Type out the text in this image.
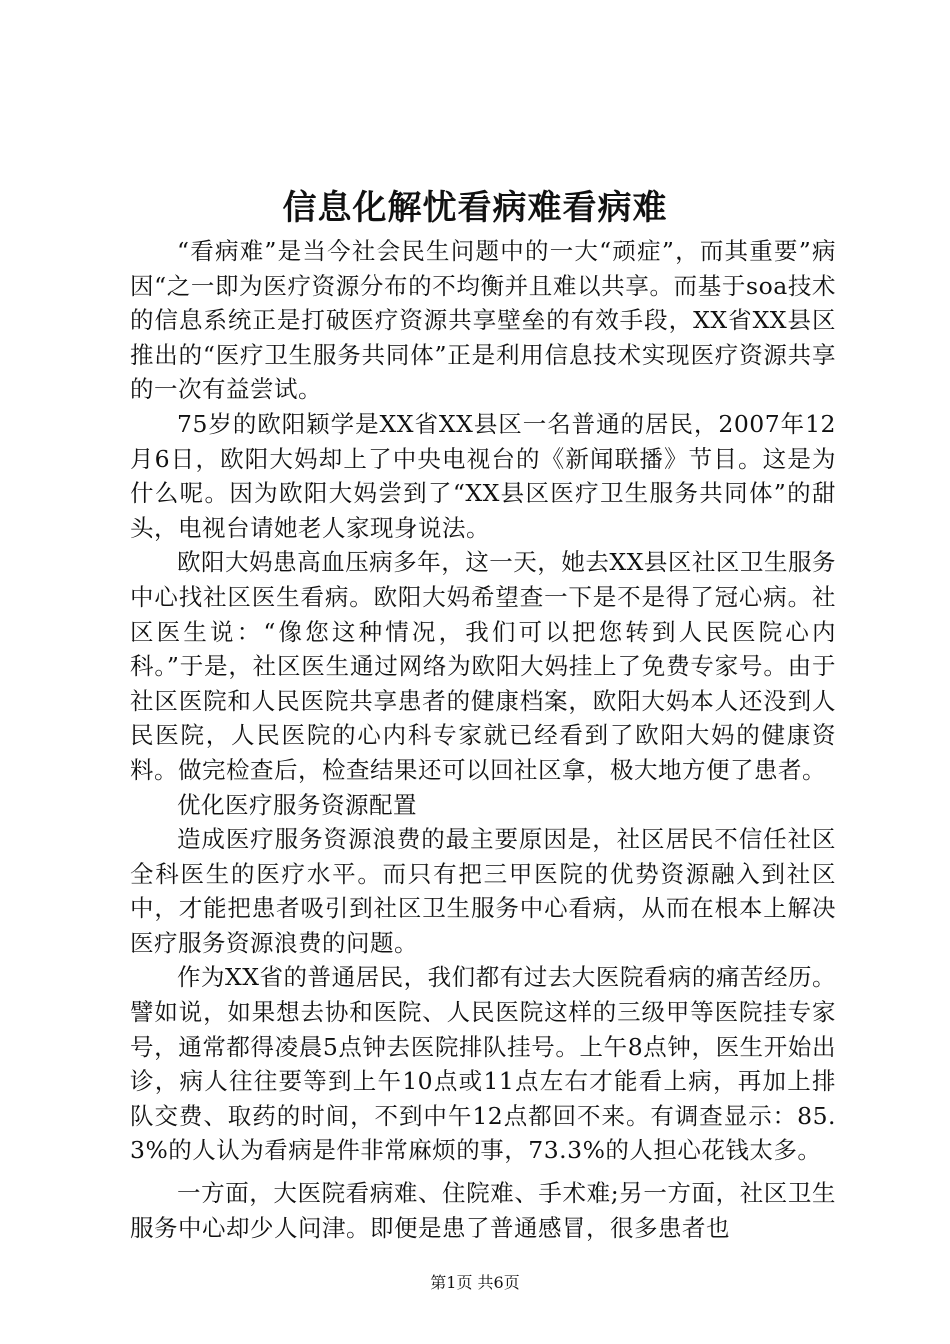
信息化解忧看病难看病难

“看病难”是当今社会民生问题中的一大“顽症”，而其重要”病因“之一即为医疗资源分布的不均衡并且难以共享。而基于soa技术的信息系统正是打破医疗资源共享壁垒的有效手段，XX省XX县区推出的“医疗卫生服务共同体”正是利用信息技术实现医疗资源共享的一次有益尝试。

75岁的欧阳颖学是XX省XX县区一名普通的居民，2007年12月6日，欧阳大妈却上了中央电视台的《新闻联播》节目。这是为什么呢。因为欧阳大妈尝到了“XX县区医疗卫生服务共同体”的甜头，电视台请她老人家现身说法。

欧阳大妈患高血压病多年，这一天，她去XX县区社区卫生服务中心找社区医生看病。欧阳大妈希望查一下是不是得了冠心病。社区医生说：“像您这种情况，我们可以把您转到人民医院心内科。”于是，社区医生通过网络为欧阳大妈挂上了免费专家号。由于社区医院和人民医院共享患者的健康档案，欧阳大妈本人还没到人民医院，人民医院的心内科专家就已经看到了欧阳大妈的健康资料。做完检查后，检查结果还可以回社区拿，极大地方便了患者。

优化医疗服务资源配置

造成医疗服务资源浪费的最主要原因是，社区居民不信任社区全科医生的医疗水平。而只有把三甲医院的优势资源融入到社区中，才能把患者吸引到社区卫生服务中心看病，从而在根本上解决医疗服务资源浪费的问题。

作为XX省的普通居民，我们都有过去大医院看病的痛苦经历。譬如说，如果想去协和医院、人民医院这样的三级甲等医院挂专家号，通常都得凌晨5点钟去医院排队挂号。上午8点钟，医生开始出诊，病人往往要等到上午10点或11点左右才能看上病，再加上排队交费、取药的时间，不到中午12点都回不来。有调查显示：85.3%的人认为看病是件非常麻烦的事，73.3%的人担心花钱太多。

一方面，大医院看病难、住院难、手术难;另一方面，社区卫生服务中心却少人问津。即便是患了普通感冒，很多患者也

第1页 共6页
